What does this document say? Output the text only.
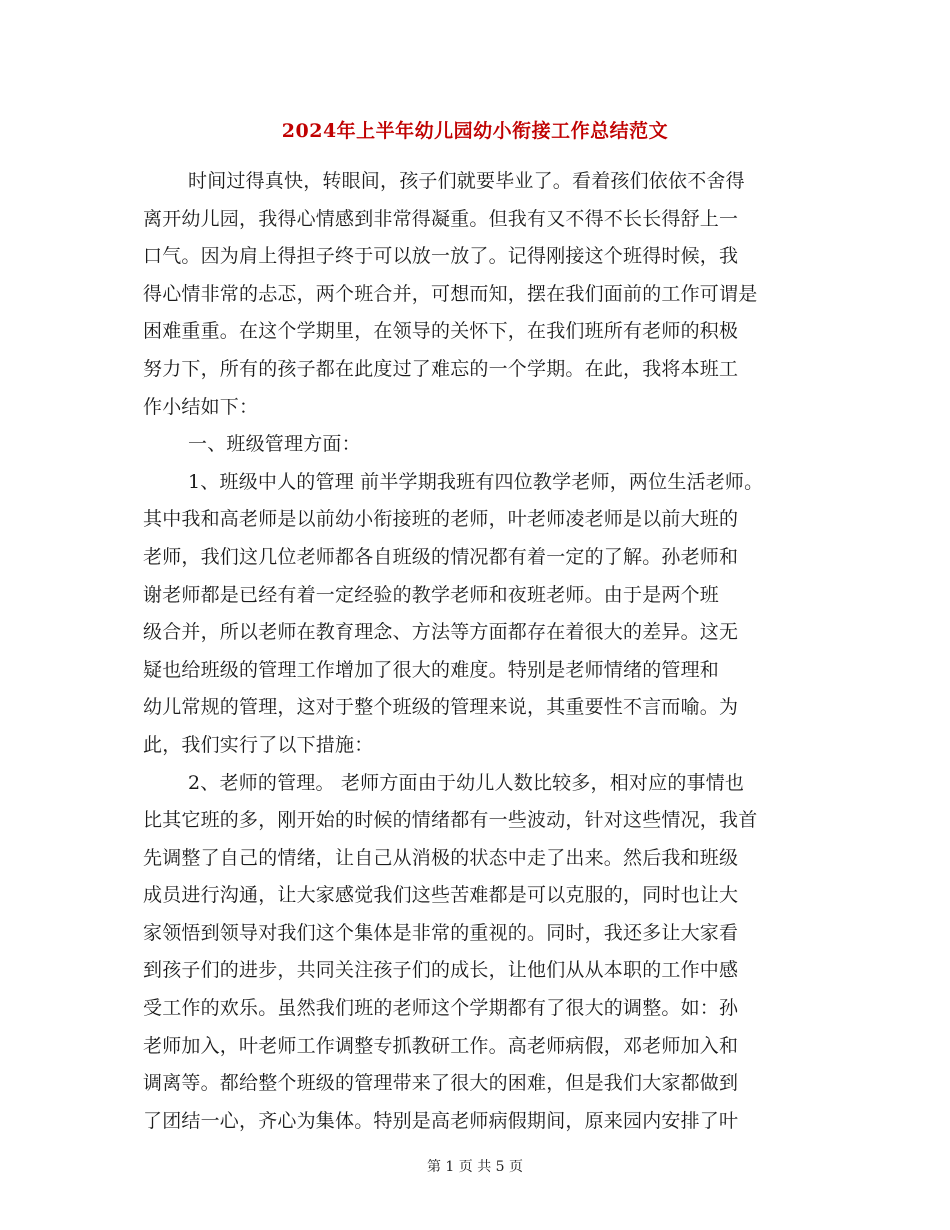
2024年上半年幼儿园幼小衔接工作总结范文
时间过得真快，转眼间，孩子们就要毕业了。看着孩们依依不舍得
离开幼儿园，我得心情感到非常得凝重。但我有又不得不长长得舒上一
口气。因为肩上得担子终于可以放一放了。记得刚接这个班得时候，我
得心情非常的忐忑，两个班合并，可想而知，摆在我们面前的工作可谓是
困难重重。在这个学期里，在领导的关怀下，在我们班所有老师的积极
努力下，所有的孩子都在此度过了难忘的一个学期。在此，我将本班工
作小结如下：
一、班级管理方面：
1、班级中人的管理 前半学期我班有四位教学老师，两位生活老师。
其中我和高老师是以前幼小衔接班的老师，叶老师凌老师是以前大班的
老师，我们这几位老师都各自班级的情况都有着一定的了解。孙老师和
谢老师都是已经有着一定经验的教学老师和夜班老师。由于是两个班
级合并，所以老师在教育理念、方法等方面都存在着很大的差异。这无
疑也给班级的管理工作增加了很大的难度。特别是老师情绪的管理和
幼儿常规的管理，这对于整个班级的管理来说，其重要性不言而喻。为
此，我们实行了以下措施：
2、老师的管理。 老师方面由于幼儿人数比较多，相对应的事情也
比其它班的多，刚开始的时候的情绪都有一些波动，针对这些情况，我首
先调整了自己的情绪，让自己从消极的状态中走了出来。然后我和班级
成员进行沟通，让大家感觉我们这些苦难都是可以克服的，同时也让大
家领悟到领导对我们这个集体是非常的重视的。同时，我还多让大家看
到孩子们的进步，共同关注孩子们的成长，让他们从从本职的工作中感
受工作的欢乐。虽然我们班的老师这个学期都有了很大的调整。如：孙
老师加入，叶老师工作调整专抓教研工作。高老师病假，邓老师加入和
调离等。都给整个班级的管理带来了很大的困难，但是我们大家都做到
了团结一心，齐心为集体。特别是高老师病假期间，原来园内安排了叶
第 1 页 共 5 页
